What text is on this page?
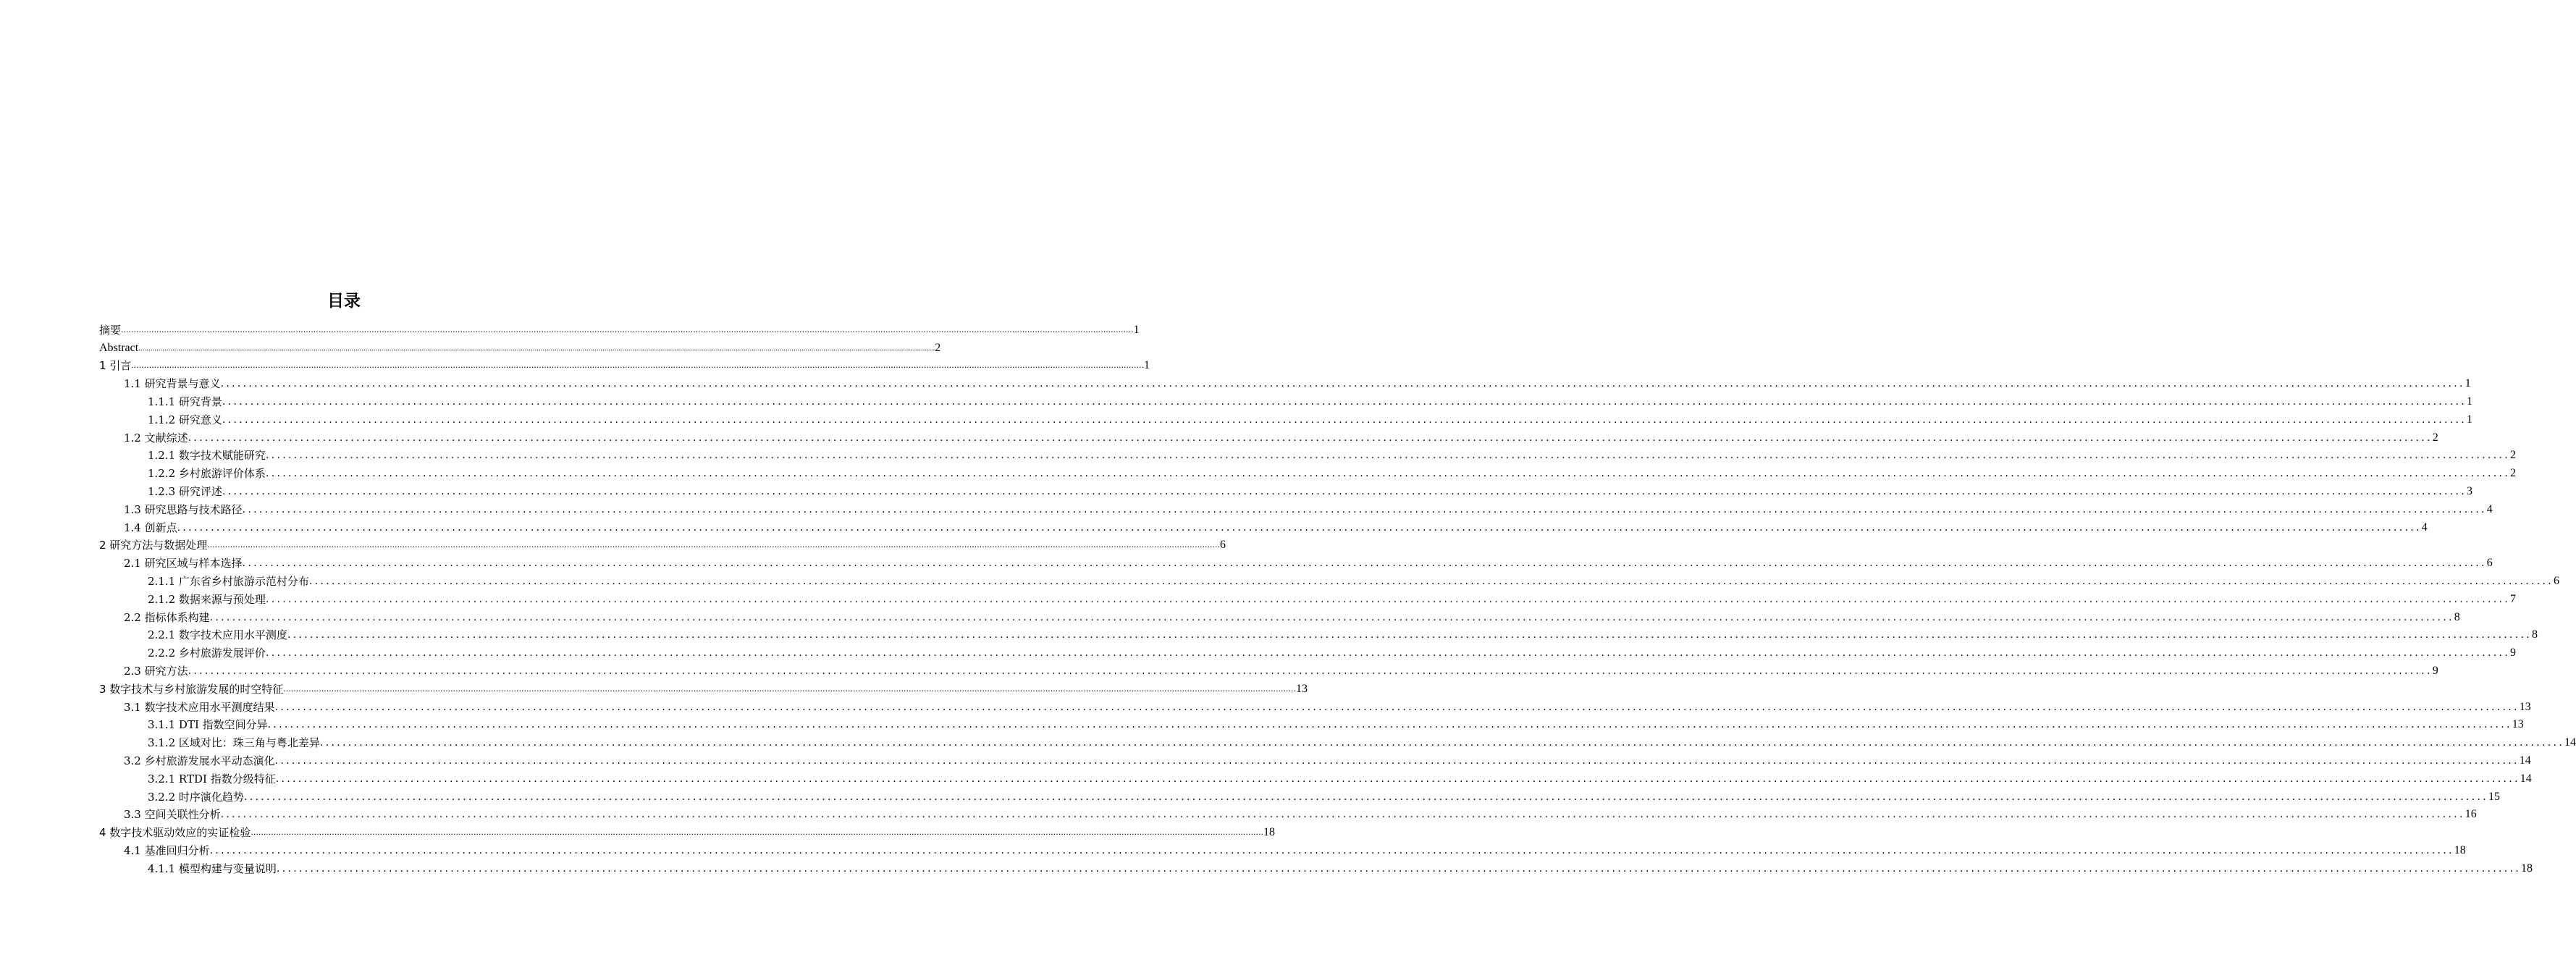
目录
摘要 ................................................................................................................................................................................................................................................................................................................................................................................................................ 1
Abstract ................................................................................................................................................................................................................................................................................................................................................................................................................ 2
1 引言 ................................................................................................................................................................................................................................................................................................................................................................................................................ 1
1.1 研究背景与意义 ................................................................................................................................................................................................................................................................................................................................................................................................................ 1
1.1.1 研究背景 ................................................................................................................................................................................................................................................................................................................................................................................................................ 1
1.1.2 研究意义 ................................................................................................................................................................................................................................................................................................................................................................................................................ 1
1.2 文献综述 ................................................................................................................................................................................................................................................................................................................................................................................................................ 2
1.2.1 数字技术赋能研究 ................................................................................................................................................................................................................................................................................................................................................................................................................ 2
1.2.2 乡村旅游评价体系 ................................................................................................................................................................................................................................................................................................................................................................................................................ 2
1.2.3 研究评述 ................................................................................................................................................................................................................................................................................................................................................................................................................ 3
1.3 研究思路与技术路径 ................................................................................................................................................................................................................................................................................................................................................................................................................ 4
1.4 创新点 ................................................................................................................................................................................................................................................................................................................................................................................................................ 4
2 研究方法与数据处理 ................................................................................................................................................................................................................................................................................................................................................................................................................ 6
2.1 研究区域与样本选择 ................................................................................................................................................................................................................................................................................................................................................................................................................ 6
2.1.1 广东省乡村旅游示范村分布 ................................................................................................................................................................................................................................................................................................................................................................................................................ 6
2.1.2 数据来源与预处理 ................................................................................................................................................................................................................................................................................................................................................................................................................ 7
2.2 指标体系构建 ................................................................................................................................................................................................................................................................................................................................................................................................................ 8
2.2.1 数字技术应用水平测度 ................................................................................................................................................................................................................................................................................................................................................................................................................ 8
2.2.2 乡村旅游发展评价 ................................................................................................................................................................................................................................................................................................................................................................................................................ 9
2.3 研究方法 ................................................................................................................................................................................................................................................................................................................................................................................................................ 9
3 数字技术与乡村旅游发展的时空特征 ................................................................................................................................................................................................................................................................................................................................................................................................................ 13
3.1 数字技术应用水平测度结果 ................................................................................................................................................................................................................................................................................................................................................................................................................ 13
3.1.1 DTI 指数空间分异 ................................................................................................................................................................................................................................................................................................................................................................................................................ 13
3.1.2 区域对比：珠三角与粤北差异 ................................................................................................................................................................................................................................................................................................................................................................................................................ 14
3.2 乡村旅游发展水平动态演化 ................................................................................................................................................................................................................................................................................................................................................................................................................ 14
3.2.1 RTDI 指数分级特征 ................................................................................................................................................................................................................................................................................................................................................................................................................ 14
3.2.2 时序演化趋势 ................................................................................................................................................................................................................................................................................................................................................................................................................ 15
3.3 空间关联性分析 ................................................................................................................................................................................................................................................................................................................................................................................................................ 16
4 数字技术驱动效应的实证检验 ................................................................................................................................................................................................................................................................................................................................................................................................................ 18
4.1 基准回归分析 ................................................................................................................................................................................................................................................................................................................................................................................................................ 18
4.1.1 模型构建与变量说明 ................................................................................................................................................................................................................................................................................................................................................................................................................ 18
